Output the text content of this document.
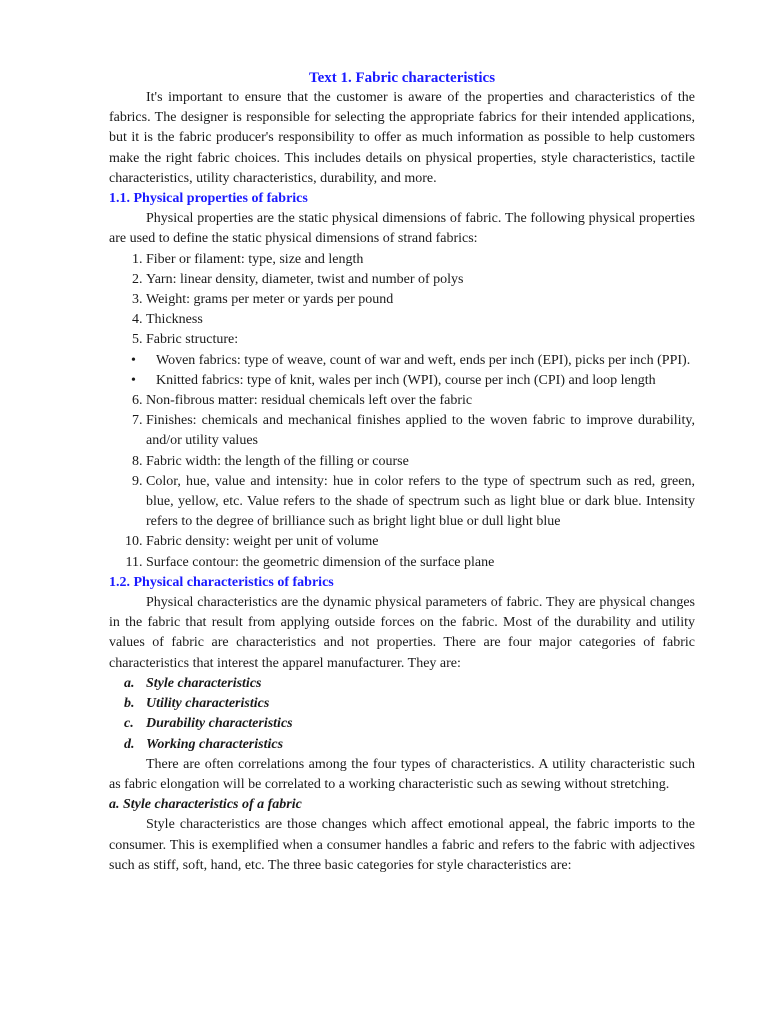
Text 1. Fabric characteristics

It's important to ensure that the customer is aware of the properties and characteristics of the fabrics. The designer is responsible for selecting the appropriate fabrics for their intended applications, but it is the fabric producer's responsibility to offer as much information as possible to help customers make the right fabric choices. This includes details on physical properties, style characteristics, tactile characteristics, utility characteristics, durability, and more.

1.1. Physical properties of fabrics

Physical properties are the static physical dimensions of fabric. The following physical properties are used to define the static physical dimensions of strand fabrics:

1. Fiber or filament: type, size and length
2. Yarn: linear density, diameter, twist and number of polys
3. Weight: grams per meter or yards per pound
4. Thickness
5. Fabric structure:
• Woven fabrics: type of weave, count of war and weft, ends per inch (EPI), picks per inch (PPI).
• Knitted fabrics: type of knit, wales per inch (WPI), course per inch (CPI) and loop length
6. Non-fibrous matter: residual chemicals left over the fabric
7. Finishes: chemicals and mechanical finishes applied to the woven fabric to improve durability, and/or utility values
8. Fabric width: the length of the filling or course
9. Color, hue, value and intensity: hue in color refers to the type of spectrum such as red, green, blue, yellow, etc. Value refers to the shade of spectrum such as light blue or dark blue. Intensity refers to the degree of brilliance such as bright light blue or dull light blue
10. Fabric density: weight per unit of volume
11. Surface contour: the geometric dimension of the surface plane

1.2. Physical characteristics of fabrics

Physical characteristics are the dynamic physical parameters of fabric. They are physical changes in the fabric that result from applying outside forces on the fabric. Most of the durability and utility values of fabric are characteristics and not properties. There are four major categories of fabric characteristics that interest the apparel manufacturer. They are:

a. Style characteristics
b. Utility characteristics
c. Durability characteristics
d. Working characteristics

There are often correlations among the four types of characteristics. A utility characteristic such as fabric elongation will be correlated to a working characteristic such as sewing without stretching.

a. Style characteristics of a fabric

Style characteristics are those changes which affect emotional appeal, the fabric imports to the consumer. This is exemplified when a consumer handles a fabric and refers to the fabric with adjectives such as stiff, soft, hand, etc. The three basic categories for style characteristics are:
